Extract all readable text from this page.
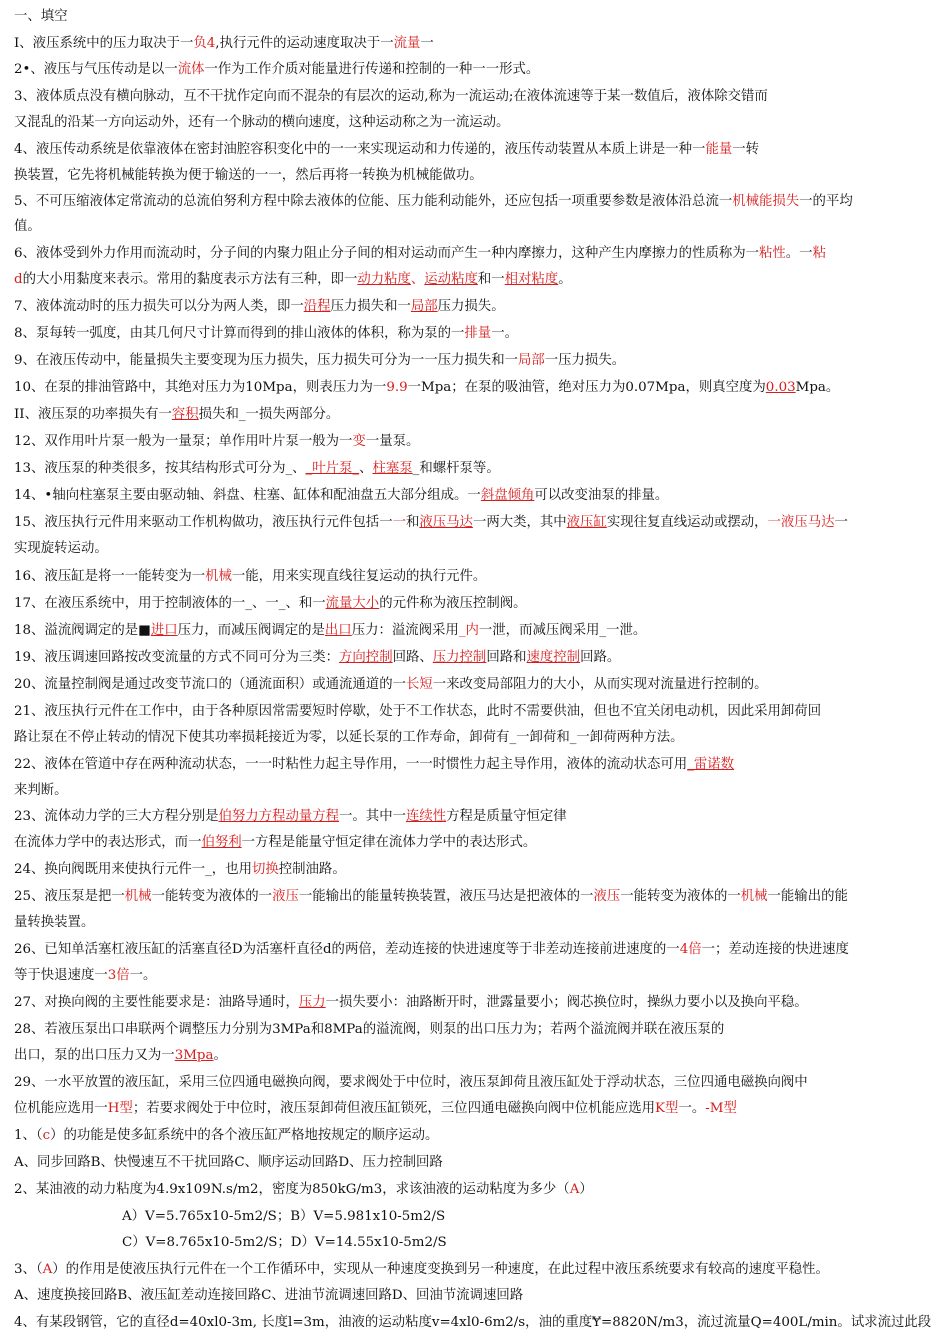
一、填空
I、液压系统中的压力取决于一负4,执行元件的运动速度取决于一流量一
2•、液压与气压传动是以一流体一作为工作介质对能量进行传递和控制的一种一一形式。
3、液体质点没有横向脉动，互不干扰作定向而不混杂的有层次的运动,称为一流运动;在液体流速等于某一数值后，液体除交错而
又混乱的沿某一方向运动外，还有一个脉动的横向速度，这种运动称之为一流运动。
4、液压传动系统是依靠液体在密封油腔容积变化中的一一来实现运动和力传递的，液压传动装置从本质上讲是一种一能量一转
换装置，它先将机械能转换为便于输送的一一，然后再将一转换为机械能做功。
5、不可压缩液体定常流动的总流伯努利方程中除去液体的位能、压力能利动能外，还应包括一项重要参数是液体沿总流一机械能损失一的平均
值。
6、液体受到外力作用而流动时，分子间的内聚力阻止分子间的相对运动而产生一种内摩擦力，这种产生内摩擦力的性质称为一粘性。一粘
d的大小用黏度来表示。常用的黏度表示方法有三种，即一动力粘度、运动粘度和一相对粘度。
7、液体流动时的压力损失可以分为两人类，即一沿程压力损失和一局部压力损失。
8、泵每转一弧度，由其几何尺寸计算而得到的排山液体的体积，称为泵的一排量一。
9、在液压传动中，能量损失主要变现为压力损失，压力损失可分为一一压力损失和一局部一压力损失。
10、在泵的排油管路中，其绝对压力为10Mpa，则表压力为一9.9一Mpa；在泵的吸油管，绝对压力为0.07Mpa，则真空度为0.03Mpa。
II、液压泵的功率损失有一容积损失和_一损失两部分。
12、双作用叶片泵一般为一量泵；单作用叶片泵一般为一变一量泵。
13、液压泵的种类很多，按其结构形式可分为_、_叶片泵_、柱塞泵_和螺杆泵等。
14、•轴向柱塞泵主要由驱动轴、斜盘、柱塞、缸体和配油盘五大部分组成。一斜盘倾角可以改变油泵的排量。
15、液压执行元件用来驱动工作机构做功，液压执行元件包括一一和液压马达一两大类，其中液压缸实现往复直线运动或摆动，一液压马达一
实现旋转运动。
16、液压缸是将一一能转变为一机械一能，用来实现直线往复运动的执行元件。
17、在液压系统中，用于控制液体的一_、一_、和一流量大小的元件称为液压控制阀。
18、溢流阀调定的是■进口压力，而减压阀调定的是出口压力：溢流阀采用_内一泄，而减压阀采用_一泄。
19、液压调速回路按改变流量的方式不同可分为三类：方向控制回路、压力控制回路和速度控制回路。
20、流量控制阀是通过改变节流口的（通流面积）或通流通道的一长短一来改变局部阻力的大小，从而实现对流量进行控制的。
21、液压执行元件在工作中，由于各种原因常需要短时停歇，处于不工作状态，此时不需要供油，但也不宜关闭电动机，因此采用卸荷回
路让泵在不停止转动的情况下使其功率损耗接近为零，以延长泵的工作寿命，卸荷有_一卸荷和_一卸荷两种方法。
22、液体在管道中存在两种流动状态，一一时粘性力起主导作用，一一时惯性力起主导作用，液体的流动状态可用_雷诺数
来判断。
23、流体动力学的三大方程分别是伯努力方程动量方程一。其中一连续性方程是质量守恒定律
在流体力学中的表达形式，而一伯努利一方程是能量守恒定律在流体力学中的表达形式。
24、换向阀既用来使执行元件一_，也用切换控制油路。
25、液压泵是把一机械一能转变为液体的一液压一能输出的能量转换装置，液压马达是把液体的一液压一能转变为液体的一机械一能输出的能
量转换装置。
26、已知单活塞杠液压缸的活塞直径D为活塞杆直径d的两倍，差动连接的快进速度等于非差动连接前进速度的一4倍一；差动连接的快进速度
等于快退速度一3倍一。
27、对换向阀的主要性能要求是：油路导通时，压力一损失要小：油路断开时，泄露量要小；阀芯换位时，操纵力要小以及换向平稳。
28、若液压泵出口串联两个调整压力分别为3MPa和8MPa的溢流阀，则泵的出口压力为；若两个溢流阀并联在液压泵的
出口，泵的出口压力又为一3Mpa。
29、一水平放置的液压缸，采用三位四通电磁换向阀，要求阀处于中位时，液压泵卸荷且液压缸处于浮动状态，三位四通电磁换向阀中
位机能应选用一H型；若要求阀处于中位时，液压泵卸荷但液压缸锁死，三位四通电磁换向阀中位机能应选用K型一。-M型
1、（c）的功能是使多缸系统中的各个液压缸严格地按规定的顺序运动。
A、同步回路B、快慢速互不干扰回路C、顺序运动回路D、压力控制回路
2、某油液的动力粘度为4.9x109N.s/m2，密度为850kG/m3，求该油液的运动粘度为多少（A）
A）V=5.765x10-5m2/S；B）V=5.981x10-5m2/S
C）V=8.765x10-5m2/S；D）V=14.55x10-5m2/S
3、（A）的作用是使液压执行元件在一个工作循环中，实现从一种速度变换到另一种速度，在此过程中液压系统要求有较高的速度平稳性。
A、速度换接回路B、液压缸差动连接回路C、进油节流调速回路D、回油节流调速回路
4、有某段钢管，它的直径d=40xl0-3m, 长度l=3m，油液的运动粘度v=4xl0-6m2/s，油的重度Ɏ=8820N/m3，流过流量Q=400L/min。试求流过此段
